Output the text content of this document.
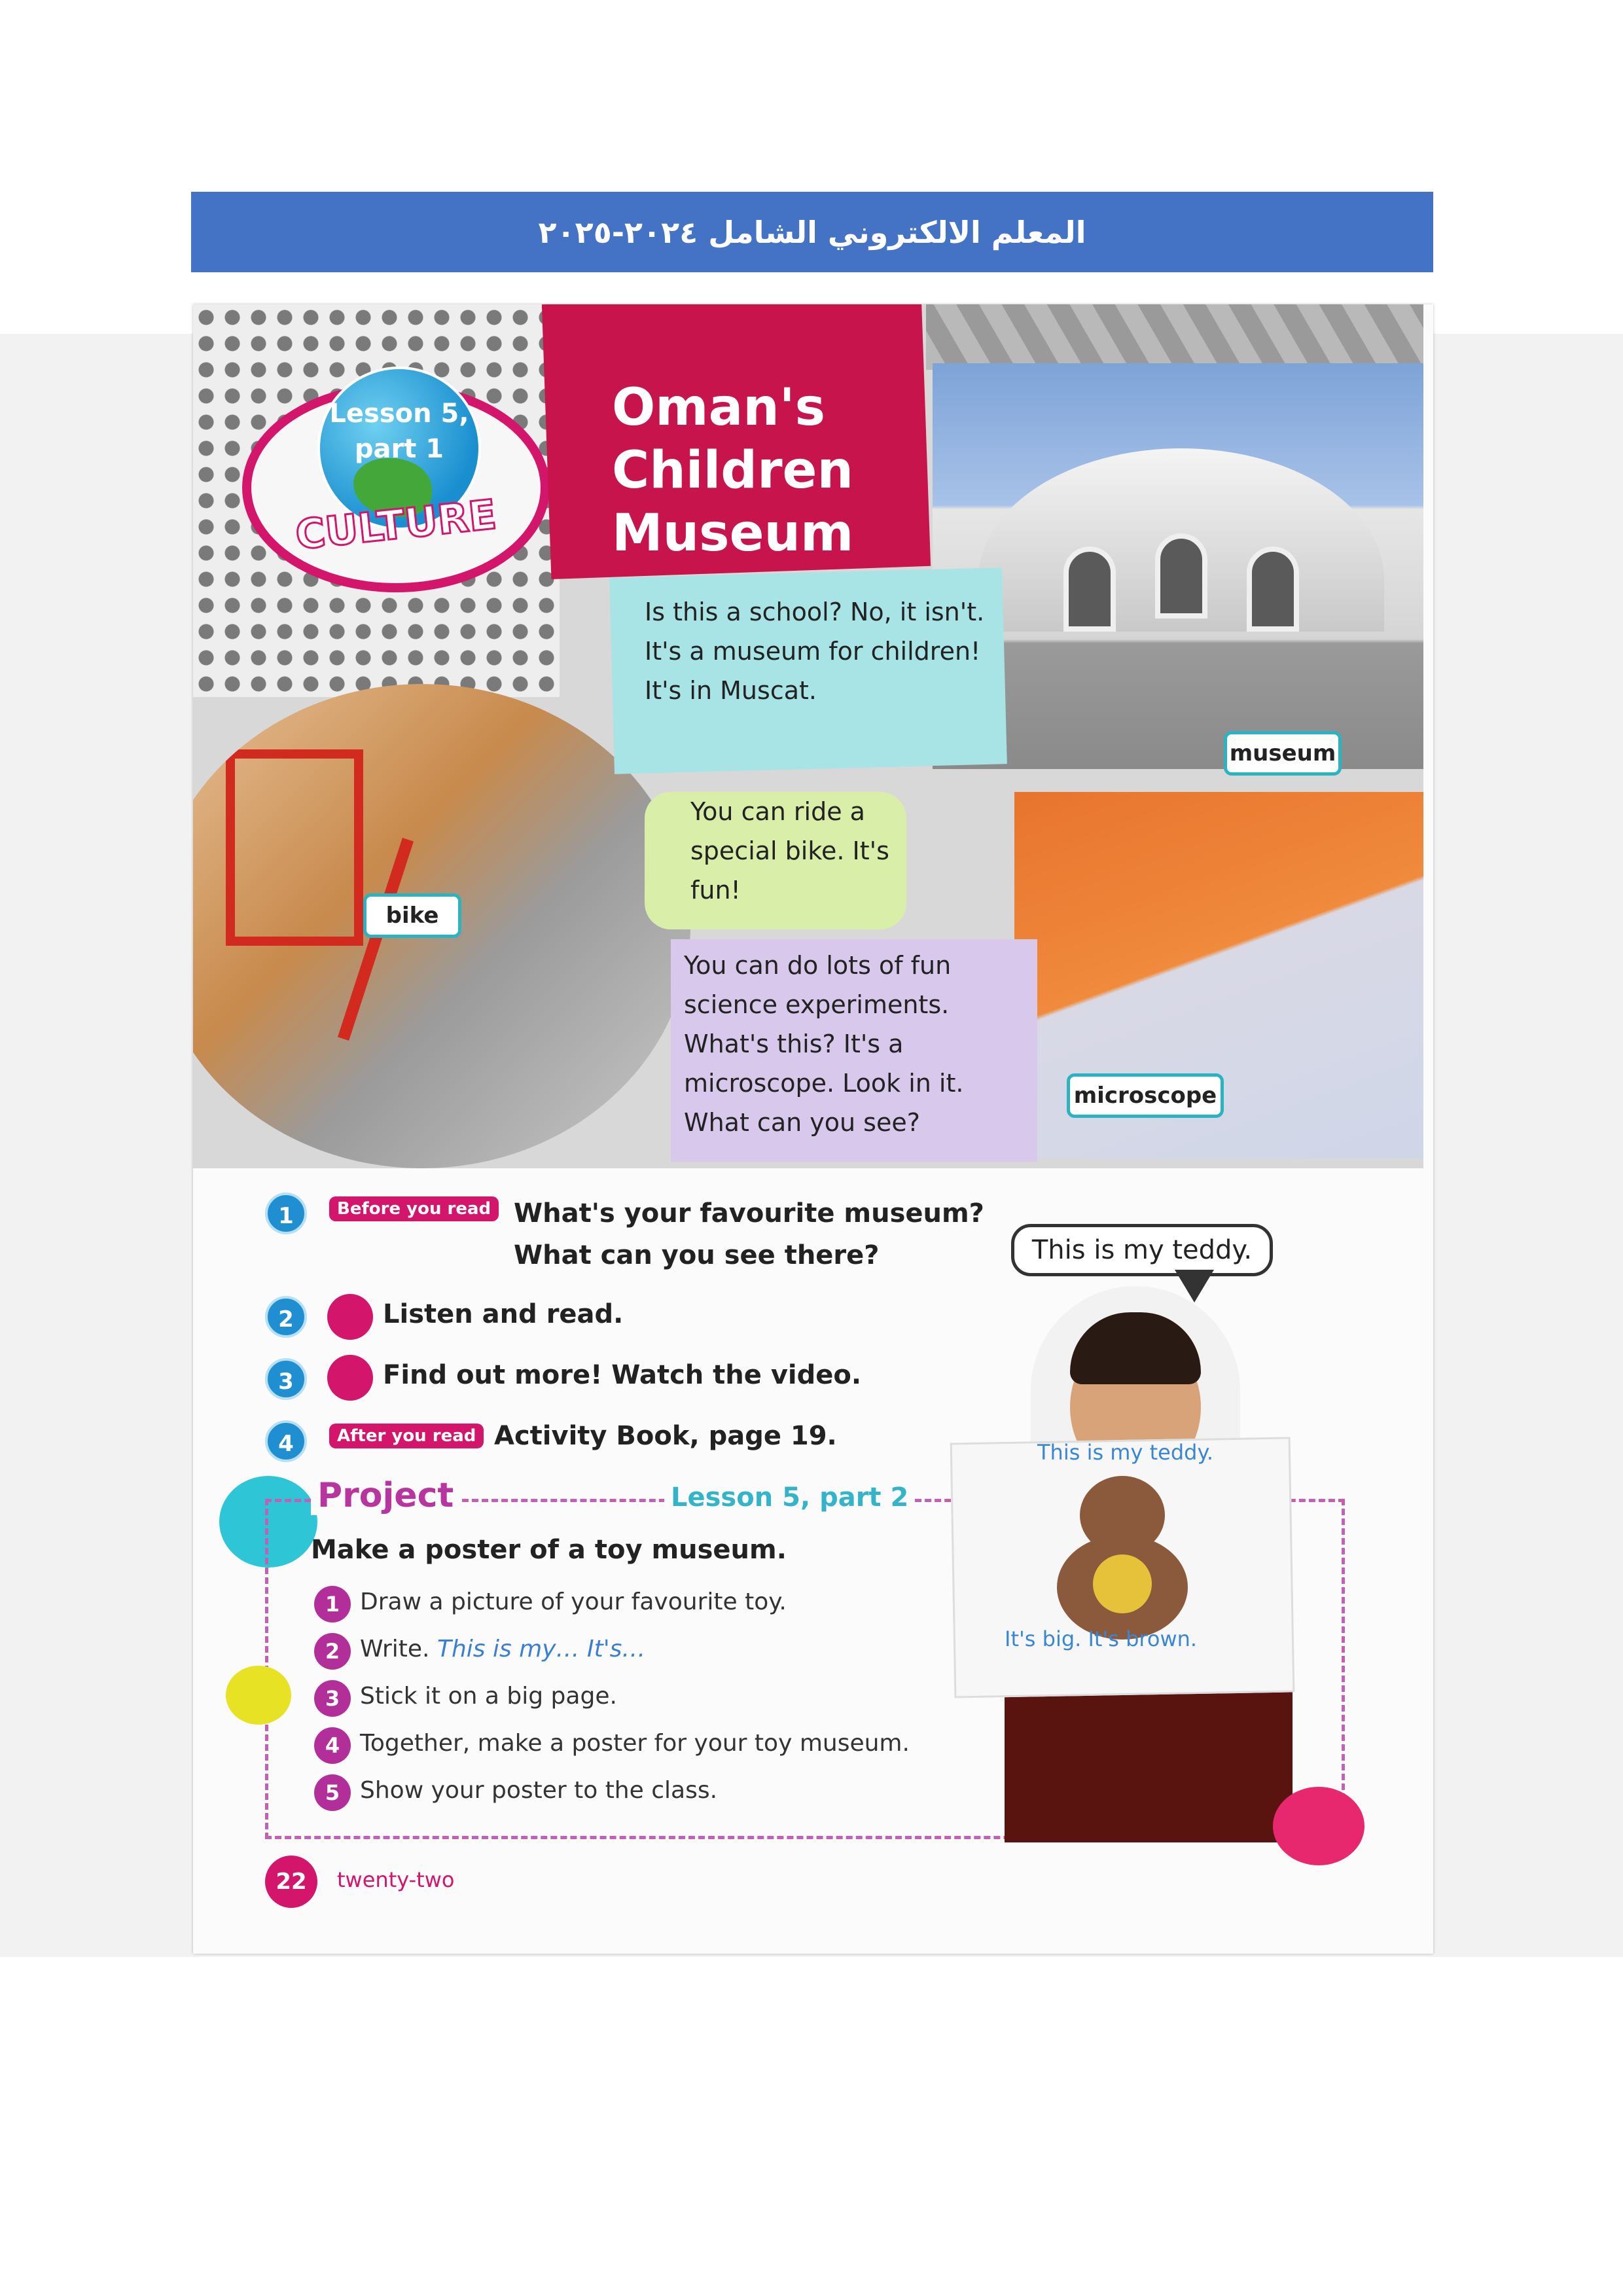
المعلم الالكتروني الشامل ٢٠٢٤-٢٠٢٥
Lesson 5, part 1
CULTURE
Oman's Children Museum
Is this a school? No, it isn't. It's a museum for children! It's in Muscat.
You can ride a special bike. It's fun!
You can do lots of fun science experiments. What's this? It's a microscope. Look in it. What can you see?
museum
bike
microscope
1	Before you read What's your favourite museum? What can you see there?
2	Listen and read.
3	Find out more! Watch the video.
4	After you read Activity Book, page 19.
Project	Lesson 5, part 2
Make a poster of a toy museum.
1 Draw a picture of your favourite toy.
2 Write. This is my… It's…
3 Stick it on a big page.
4 Together, make a poster for your toy museum.
5 Show your poster to the class.
This is my teddy.
This is my teddy.
It's big. It's brown.
22	twenty-two
